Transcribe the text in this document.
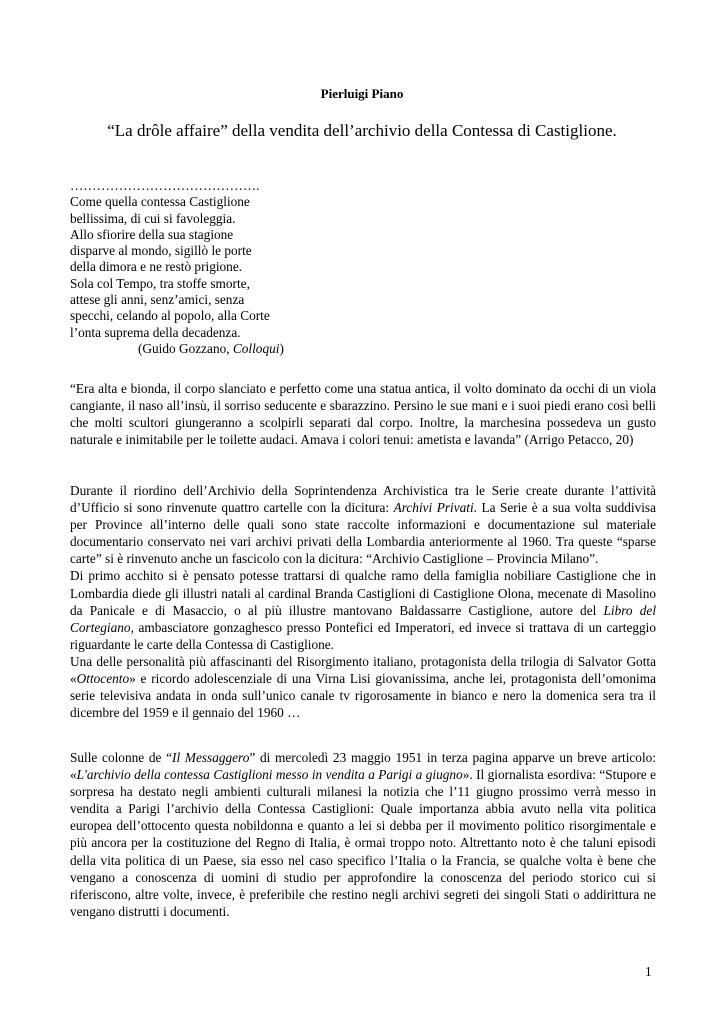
Pierluigi Piano
“La drôle affaire” della vendita dell’archivio della Contessa di Castiglione.
…………………………………….
Come quella contessa Castiglione
bellissima, di cui si favoleggia.
Allo sfiorire della sua stagione
disparve al mondo, sigillò le porte
della dimora e ne restò prigione.
Sola col Tempo, tra stoffe smorte,
attese gli anni, senz’amici, senza
specchi, celando al popolo, alla Corte
l’onta suprema della decadenza.
(Guido Gozzano, Colloqui)

“Era alta e bionda, il corpo slanciato e perfetto come una statua antica, il volto dominato da occhi di un viola cangiante, il naso all’insù, il sorriso seducente e sbarazzino. Persino le sue mani e i suoi piedi erano così belli che molti scultori giungeranno a scolpirli separati dal corpo. Inoltre, la marchesina possedeva un gusto naturale e inimitabile per le toilette audaci. Amava i colori tenui: ametista e lavanda” (Arrigo Petacco, 20)

Durante il riordino dell’Archivio della Soprintendenza Archivistica tra le Serie create durante l’attività d’Ufficio si sono rinvenute quattro cartelle con la dicitura: Archivi Privati. La Serie è a sua volta suddivisa per Province all’interno delle quali sono state raccolte informazioni e documentazione sul materiale documentario conservato nei vari archivi privati della Lombardia anteriormente al 1960. Tra queste “sparse carte” si è rinvenuto anche un fascicolo con la dicitura: “Archivio Castiglione – Provincia Milano”.

Di primo acchito si è pensato potesse trattarsi di qualche ramo della famiglia nobiliare Castiglione che in Lombardia diede gli illustri natali al cardinal Branda Castiglioni di Castiglione Olona, mecenate di Masolino da Panicale e di Masaccio, o al più illustre mantovano Baldassarre Castiglione, autore del Libro del Cortegiano, ambasciatore gonzaghesco presso Pontefici ed Imperatori, ed invece si trattava di un carteggio riguardante le carte della Contessa di Castiglione.

Una delle personalità più affascinanti del Risorgimento italiano, protagonista della trilogia di Salvator Gotta «Ottocento» e ricordo adolescenziale di una Virna Lisi giovanissima, anche lei, protagonista dell’omonima serie televisiva andata in onda sull’unico canale tv rigorosamente in bianco e nero la domenica sera tra il dicembre del 1959 e il gennaio del 1960 …

Sulle colonne de “Il Messaggero” di mercoledì 23 maggio 1951 in terza pagina apparve un breve articolo: «L'archivio della contessa Castiglioni messo in vendita a Parigi a giugno». Il giornalista esordiva: “Stupore e sorpresa ha destato negli ambienti culturali milanesi la notizia che l’11 giugno prossimo verrà messo in vendita a Parigi l’archivio della Contessa Castiglioni: Quale importanza abbia avuto nella vita politica europea dell’ottocento questa nobildonna e quanto a lei si debba per il movimento politico risorgimentale e più ancora per la costituzione del Regno di Italia, è ormai troppo noto. Altrettanto noto è che taluni episodi della vita politica di un Paese, sia esso nel caso specifico l’Italia o la Francia, se qualche volta è bene che vengano a conoscenza di uomini di studio per approfondire la conoscenza del periodo storico cui si riferiscono, altre volte, invece, è preferibile che restino negli archivi segreti dei singoli Stati o addirittura ne vengano distrutti i documenti.

1
